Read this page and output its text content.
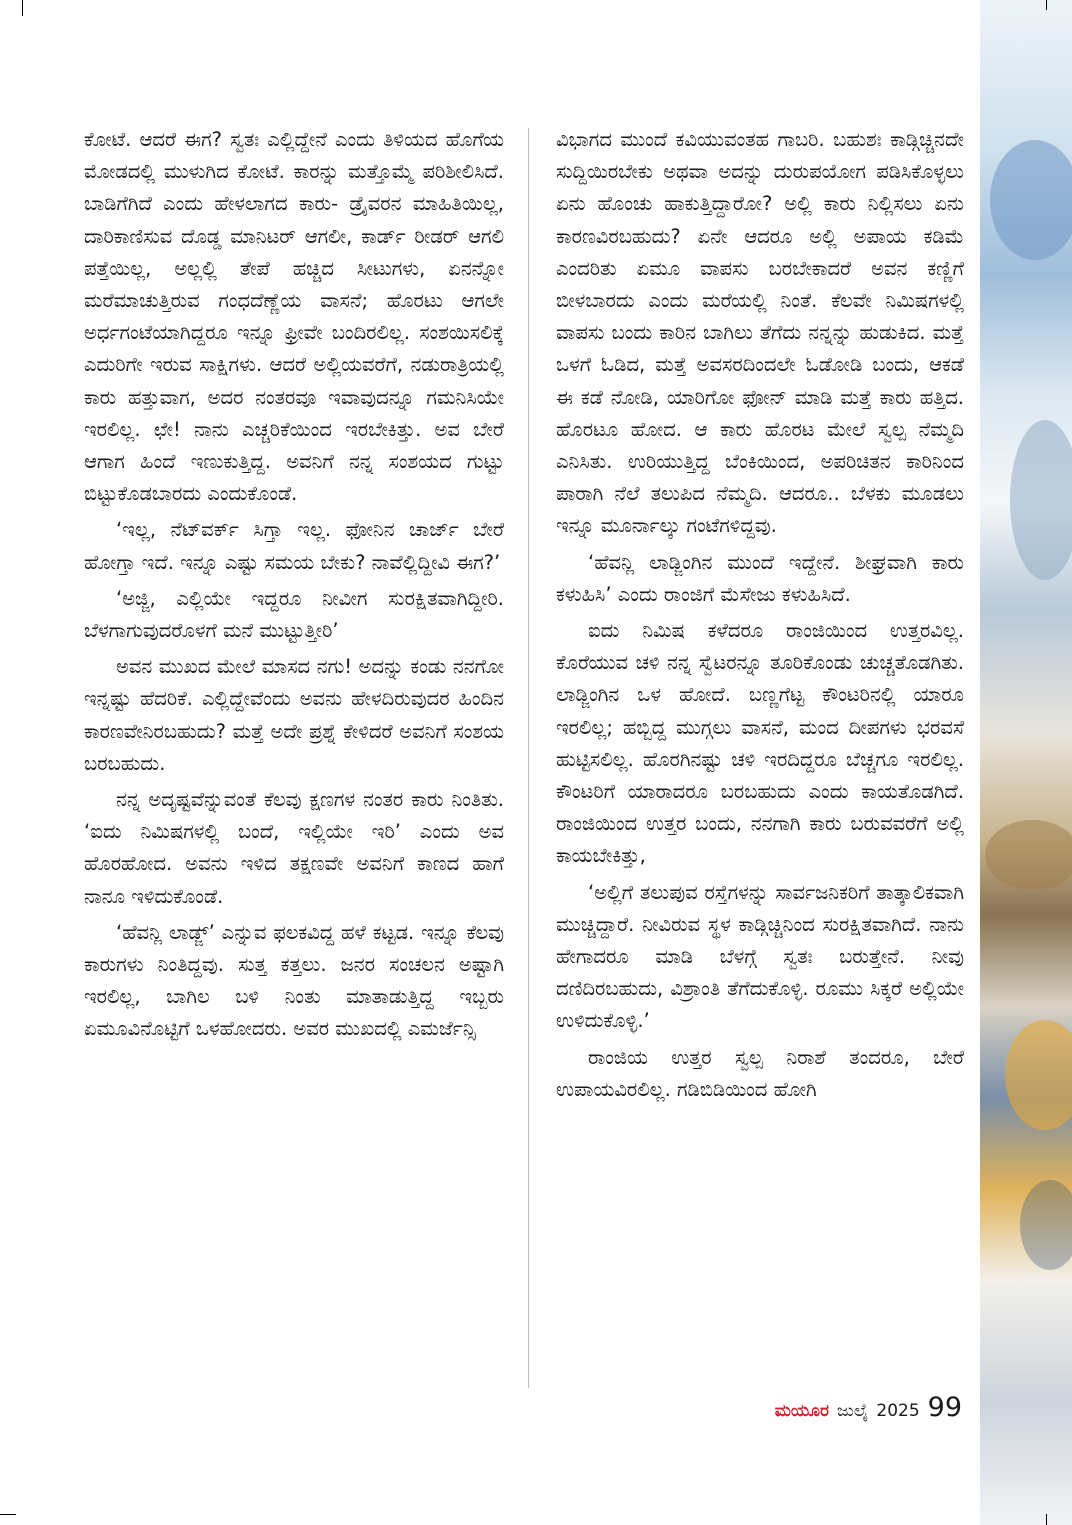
ಕೋಟೆ. ಆದರೆ ಈಗ? ಸ್ವತಃ ಎಲ್ಲಿದ್ದೇನೆ ಎಂದು ತಿಳಿಯದ ಹೊಗೆಯ ಮೋಡದಲ್ಲಿ ಮುಳುಗಿದ ಕೋಟೆ. ಕಾರನ್ನು ಮತ್ತೊಮ್ಮೆ ಪರಿಶೀಲಿಸಿದೆ. ಬಾಡಿಗೆಗಿದೆ ಎಂದು ಹೇಳಲಾಗದ ಕಾರು- ಡ್ರೈವರನ ಮಾಹಿತಿಯಿಲ್ಲ, ದಾರಿಕಾಣಿಸುವ ದೊಡ್ಡ ಮಾನಿಟರ್ ಆಗಲೀ, ಕಾರ್ಡ್ ರೀಡರ್ ಆಗಲಿ ಪತ್ತೆಯಿಲ್ಲ, ಅಲ್ಲಲ್ಲಿ ತೇಪೆ ಹಚ್ಚಿದ ಸೀಟುಗಳು, ಏನನ್ನೋ ಮರೆಮಾಚುತ್ತಿರುವ ಗಂಧದೆಣ್ಣೆಯ ವಾಸನೆ; ಹೊರಟು ಆಗಲೇ ಅರ್ಧಗಂಟೆಯಾಗಿದ್ದರೂ ಇನ್ನೂ ಫ್ರೀವೇ ಬಂದಿರಲಿಲ್ಲ. ಸಂಶಯಿಸಲಿಕ್ಕೆ ಎದುರಿಗೇ ಇರುವ ಸಾಕ್ಷಿಗಳು. ಆದರೆ ಅಲ್ಲಿಯವರೆಗೆ, ನಡುರಾತ್ರಿಯಲ್ಲಿ ಕಾರು ಹತ್ತುವಾಗ, ಅದರ ನಂತರವೂ ಇವಾವುದನ್ನೂ ಗಮನಿಸಿಯೇ ಇರಲಿಲ್ಲ. ಛೇ! ನಾನು ಎಚ್ಚರಿಕೆಯಿಂದ ಇರಬೇಕಿತ್ತು. ಅವ ಬೇರೆ ಆಗಾಗ ಹಿಂದೆ ಇಣುಕುತ್ತಿದ್ದ. ಅವನಿಗೆ ನನ್ನ ಸಂಶಯದ ಗುಟ್ಟು ಬಿಟ್ಟುಕೊಡಬಾರದು ಎಂದುಕೊಂಡೆ.

‘ಇಲ್ಲ, ನೆಟ್‌ವರ್ಕ್ ಸಿಗ್ತಾ ಇಲ್ಲ. ಫೋನಿನ ಚಾರ್ಜ್ ಬೇರೆ ಹೋಗ್ತಾ ಇದೆ. ಇನ್ನೂ ಎಷ್ಟು ಸಮಯ ಬೇಕು? ನಾವೆಲ್ಲಿದ್ದೀವಿ ಈಗ?’

‘ಅಜ್ಜಿ, ಎಲ್ಲಿಯೇ ಇದ್ದರೂ ನೀವೀಗ ಸುರಕ್ಷಿತವಾಗಿದ್ದೀರಿ. ಬೆಳಗಾಗುವುದರೊಳಗೆ ಮನೆ ಮುಟ್ಟುತ್ತೀರಿ’

ಅವನ ಮುಖದ ಮೇಲೆ ಮಾಸದ ನಗು! ಅದನ್ನು ಕಂಡು ನನಗೋ ಇನ್ನಷ್ಟು ಹೆದರಿಕೆ. ಎಲ್ಲಿದ್ದೇವೆಂದು ಅವನು ಹೇಳದಿರುವುದರ ಹಿಂದಿನ ಕಾರಣವೇನಿರಬಹುದು? ಮತ್ತೆ ಅದೇ ಪ್ರಶ್ನೆ ಕೇಳಿದರೆ ಅವನಿಗೆ ಸಂಶಯ ಬರಬಹುದು.

ನನ್ನ ಅದೃಷ್ಟವೆನ್ನುವಂತೆ ಕೆಲವು ಕ್ಷಣಗಳ ನಂತರ ಕಾರು ನಿಂತಿತು. ‘ಐದು ನಿಮಿಷಗಳಲ್ಲಿ ಬಂದೆ, ಇಲ್ಲಿಯೇ ಇರಿ’ ಎಂದು ಅವ ಹೊರಹೋದ. ಅವನು ಇಳಿದ ತಕ್ಷಣವೇ ಅವನಿಗೆ ಕಾಣದ ಹಾಗೆ ನಾನೂ ಇಳಿದುಕೊಂಡೆ.

‘ಹೆವನ್ಲಿ ಲಾಡ್ಜ್’ ಎನ್ನುವ ಫಲಕವಿದ್ದ ಹಳೆ ಕಟ್ಟಡ. ಇನ್ನೂ ಕೆಲವು ಕಾರುಗಳು ನಿಂತಿದ್ದವು. ಸುತ್ತ ಕತ್ತಲು. ಜನರ ಸಂಚಲನ ಅಷ್ಟಾಗಿ ಇರಲಿಲ್ಲ, ಬಾಗಿಲ ಬಳಿ ನಿಂತು ಮಾತಾಡುತ್ತಿದ್ದ ಇಬ್ಬರು ಏಮೂವಿನೊಟ್ಟಿಗೆ ಒಳಹೋದರು. ಅವರ ಮುಖದಲ್ಲಿ ಎಮರ್ಜೆನ್ಸಿ

ವಿಭಾಗದ ಮುಂದೆ ಕವಿಯುವಂತಹ ಗಾಬರಿ. ಬಹುಶಃ ಕಾಡ್ಗಿಚ್ಚಿನದೇ ಸುದ್ದಿಯಿರಬೇಕು ಅಥವಾ ಅದನ್ನು ದುರುಪಯೋಗ ಪಡಿಸಿಕೊಳ್ಳಲು ಏನು ಹೊಂಚು ಹಾಕುತ್ತಿದ್ದಾರೋ? ಅಲ್ಲಿ ಕಾರು ನಿಲ್ಲಿಸಲು ಏನು ಕಾರಣವಿರಬಹುದು? ಏನೇ ಆದರೂ ಅಲ್ಲಿ ಅಪಾಯ ಕಡಿಮೆ ಎಂದರಿತು ಏಮೂ ವಾಪಸು ಬರಬೇಕಾದರೆ ಅವನ ಕಣ್ಣಿಗೆ ಬೀಳಬಾರದು ಎಂದು ಮರೆಯಲ್ಲಿ ನಿಂತೆ. ಕೆಲವೇ ನಿಮಿಷಗಳಲ್ಲಿ ವಾಪಸು ಬಂದು ಕಾರಿನ ಬಾಗಿಲು ತೆಗೆದು ನನ್ನನ್ನು ಹುಡುಕಿದ. ಮತ್ತೆ ಒಳಗೆ ಓಡಿದ, ಮತ್ತೆ ಅವಸರದಿಂದಲೇ ಓಡೋಡಿ ಬಂದು, ಆಕಡೆ ಈ ಕಡೆ ನೋಡಿ, ಯಾರಿಗೋ ಫೋನ್ ಮಾಡಿ ಮತ್ತೆ ಕಾರು ಹತ್ತಿದ. ಹೊರಟೂ ಹೋದ. ಆ ಕಾರು ಹೊರಟ ಮೇಲೆ ಸ್ವಲ್ಪ ನೆಮ್ಮದಿ ಎನಿಸಿತು. ಉರಿಯುತ್ತಿದ್ದ ಬೆಂಕಿಯಿಂದ, ಅಪರಿಚಿತನ ಕಾರಿನಿಂದ ಪಾರಾಗಿ ನೆಲೆ ತಲುಪಿದ ನೆಮ್ಮದಿ. ಆದರೂ.. ಬೆಳಕು ಮೂಡಲು ಇನ್ನೂ ಮೂರ್ನಾಲ್ಕು ಗಂಟೆಗಳಿದ್ದವು.

‘ಹೆವನ್ಲಿ ಲಾಡ್ಜಿಂಗಿನ ಮುಂದೆ ಇದ್ದೇನೆ. ಶೀಘ್ರವಾಗಿ ಕಾರು ಕಳುಹಿಸಿ’ ಎಂದು ರಾಂಜಿಗೆ ಮೆಸೇಜು ಕಳುಹಿಸಿದೆ.

ಐದು ನಿಮಿಷ ಕಳೆದರೂ ರಾಂಜಿಯಿಂದ ಉತ್ತರವಿಲ್ಲ. ಕೊರೆಯುವ ಚಳಿ ನನ್ನ ಸ್ವೆಟರನ್ನೂ ತೂರಿಕೊಂಡು ಚುಚ್ಚತೊಡಗಿತು. ಲಾಡ್ಜಿಂಗಿನ ಒಳ ಹೋದೆ. ಬಣ್ಣಗೆಟ್ಟ ಕೌಂಟರಿನಲ್ಲಿ ಯಾರೂ ಇರಲಿಲ್ಲ; ಹಬ್ಬಿದ್ದ ಮುಗ್ಗಲು ವಾಸನೆ, ಮಂದ ದೀಪಗಳು ಭರವಸೆ ಹುಟ್ಟಿಸಲಿಲ್ಲ. ಹೊರಗಿನಷ್ಟು ಚಳಿ ಇರದಿದ್ದರೂ ಬೆಚ್ಚಗೂ ಇರಲಿಲ್ಲ. ಕೌಂಟರಿಗೆ ಯಾರಾದರೂ ಬರಬಹುದು ಎಂದು ಕಾಯತೊಡಗಿದೆ. ರಾಂಜಿಯಿಂದ ಉತ್ತರ ಬಂದು, ನನಗಾಗಿ ಕಾರು ಬರುವವರೆಗೆ ಅಲ್ಲಿ ಕಾಯಬೇಕಿತ್ತು,

‘ಅಲ್ಲಿಗೆ ತಲುಪುವ ರಸ್ತೆಗಳನ್ನು ಸಾರ್ವಜನಿಕರಿಗೆ ತಾತ್ಕಾಲಿಕವಾಗಿ ಮುಚ್ಚಿದ್ದಾರೆ. ನೀವಿರುವ ಸ್ಥಳ ಕಾಡ್ಗಿಚ್ಚಿನಿಂದ ಸುರಕ್ಷಿತವಾಗಿದೆ. ನಾನು ಹೇಗಾದರೂ ಮಾಡಿ ಬೆಳಗ್ಗೆ ಸ್ವತಃ ಬರುತ್ತೇನೆ. ನೀವು ದಣಿದಿರಬಹುದು, ವಿಶ್ರಾಂತಿ ತೆಗೆದುಕೊಳ್ಳಿ. ರೂಮು ಸಿಕ್ಕರೆ ಅಲ್ಲಿಯೇ ಉಳಿದುಕೊಳ್ಳಿ.’

ರಾಂಜಿಯ ಉತ್ತರ ಸ್ವಲ್ಪ ನಿರಾಶೆ ತಂದರೂ, ಬೇರೆ ಉಪಾಯವಿರಲಿಲ್ಲ. ಗಡಿಬಿಡಿಯಿಂದ ಹೋಗಿ

ಮಯೂರ ಜುಲೈ 2025 99
